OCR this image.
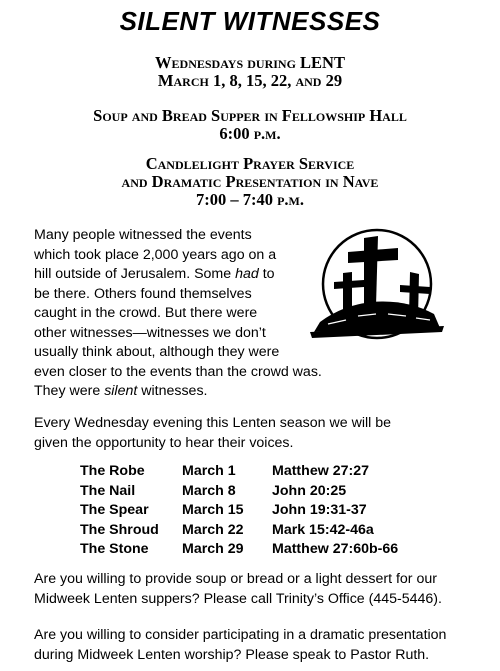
SILENT WITNESSES
Wednesdays during LENT
March 1, 8, 15, 22, and 29
Soup and Bread Supper in Fellowship Hall
6:00 p.m.
Candlelight Prayer Service
and Dramatic Presentation in Nave
7:00 – 7:40 p.m.
Many people witnessed the events
which took place 2,000 years ago on a
hill outside of Jerusalem. Some had to
be there. Others found themselves
caught in the crowd. But there were
other witnesses—witnesses we don’t
usually think about, although they were
even closer to the events than the crowd was.
They were silent witnesses.
Every Wednesday evening this Lenten season we will be
given the opportunity to hear their voices.
The Robe	March 1	Matthew 27:27
The Nail	March 8	John 20:25
The Spear	March 15	John 19:31-37
The Shroud	March 22	Mark 15:42-46a
The Stone	March 29	Matthew 27:60b-66
Are you willing to provide soup or bread or a light dessert for our
Midweek Lenten suppers? Please call Trinity’s Office (445-5446).
Are you willing to consider participating in a dramatic presentation
during Midweek Lenten worship? Please speak to Pastor Ruth.
